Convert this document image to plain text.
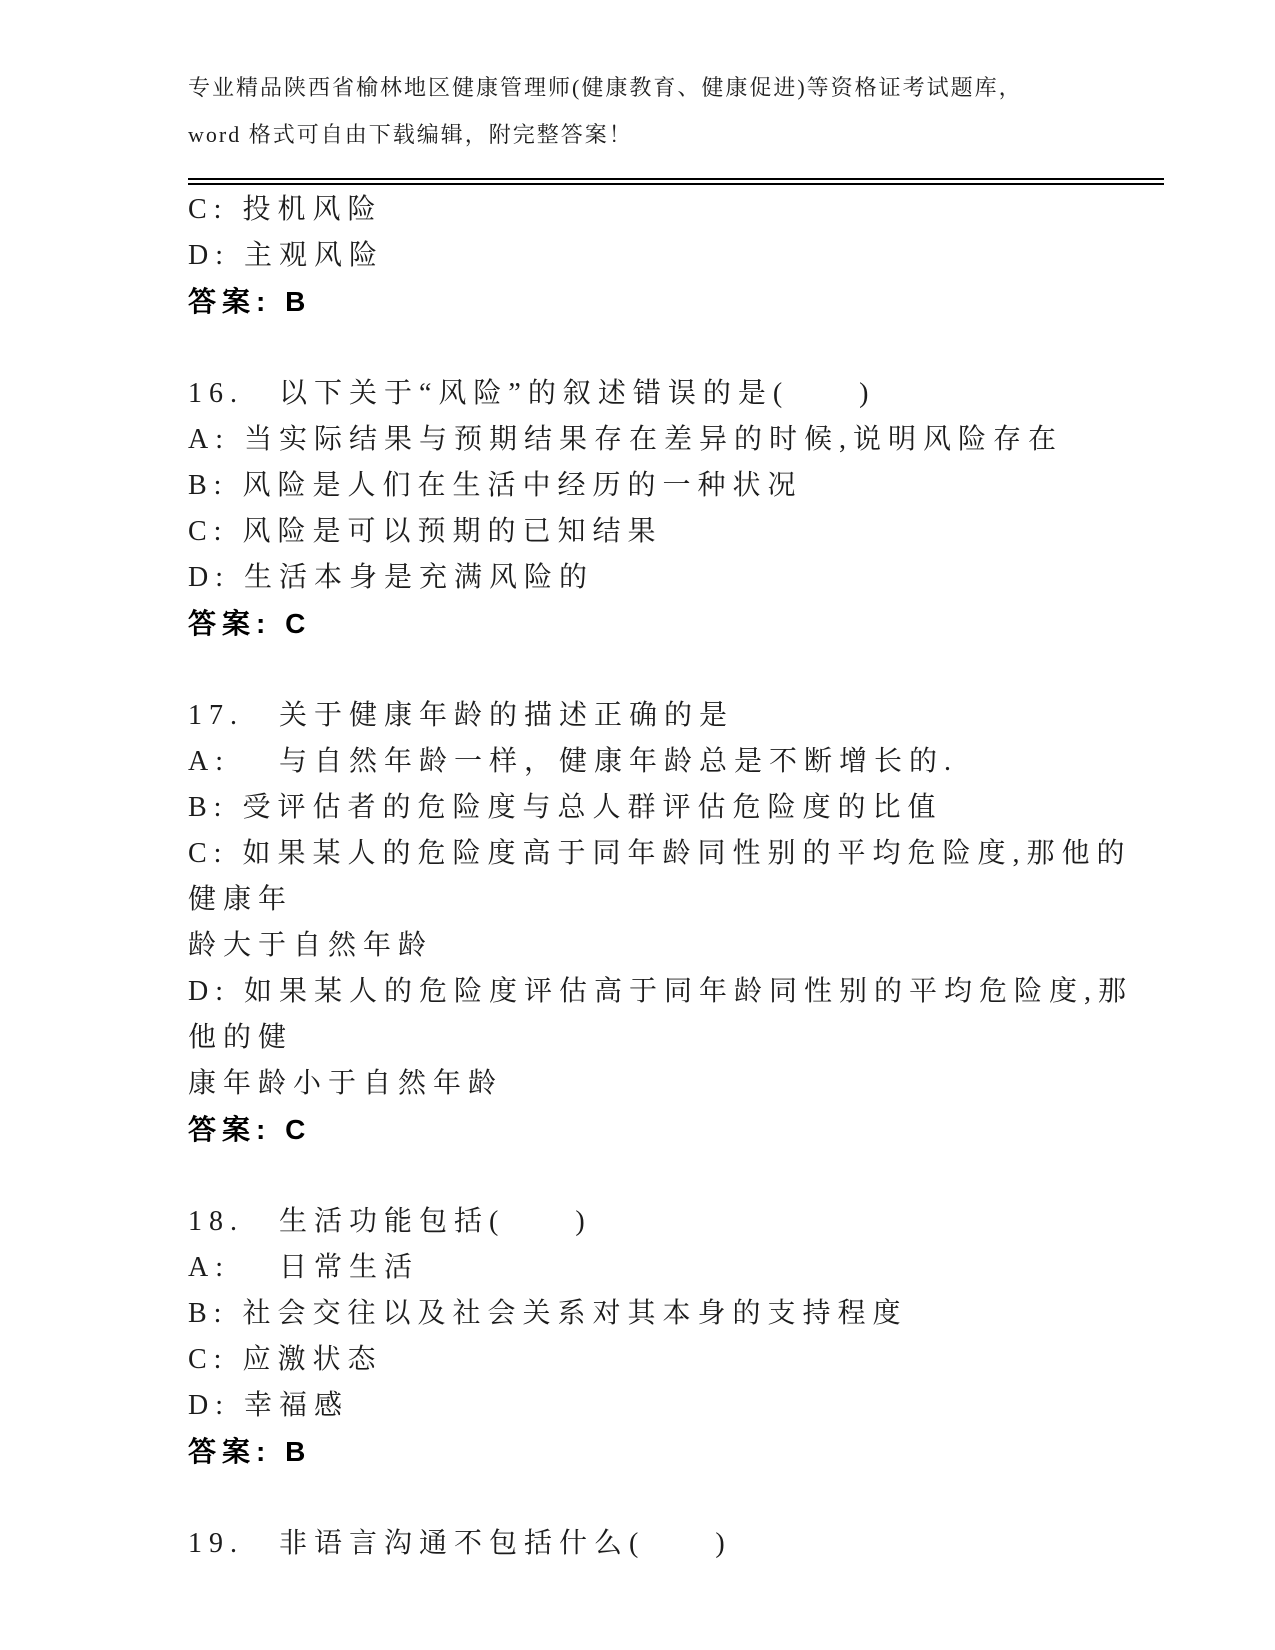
专业精品陕西省榆林地区健康管理师(健康教育、健康促进)等资格证考试题库，
word 格式可自由下载编辑，附完整答案！
C: 投机风险
D: 主观风险
答案: B
16.　以下关于“风险”的叙述错误的是(　　)
A: 当实际结果与预期结果存在差异的时候,说明风险存在
B: 风险是人们在生活中经历的一种状况
C: 风险是可以预期的已知结果
D: 生活本身是充满风险的
答案: C
17.　关于健康年龄的描述正确的是
A: 　与自然年龄一样，健康年龄总是不断增长的.
B: 受评估者的危险度与总人群评估危险度的比值
C: 如果某人的危险度高于同年龄同性别的平均危险度,那他的健康年
龄大于自然年龄
D: 如果某人的危险度评估高于同年龄同性别的平均危险度,那他的健
康年龄小于自然年龄
答案: C
18.　生活功能包括(　　)
A: 　日常生活
B: 社会交往以及社会关系对其本身的支持程度
C: 应激状态
D: 幸福感
答案: B
19.　非语言沟通不包括什么(　　)
